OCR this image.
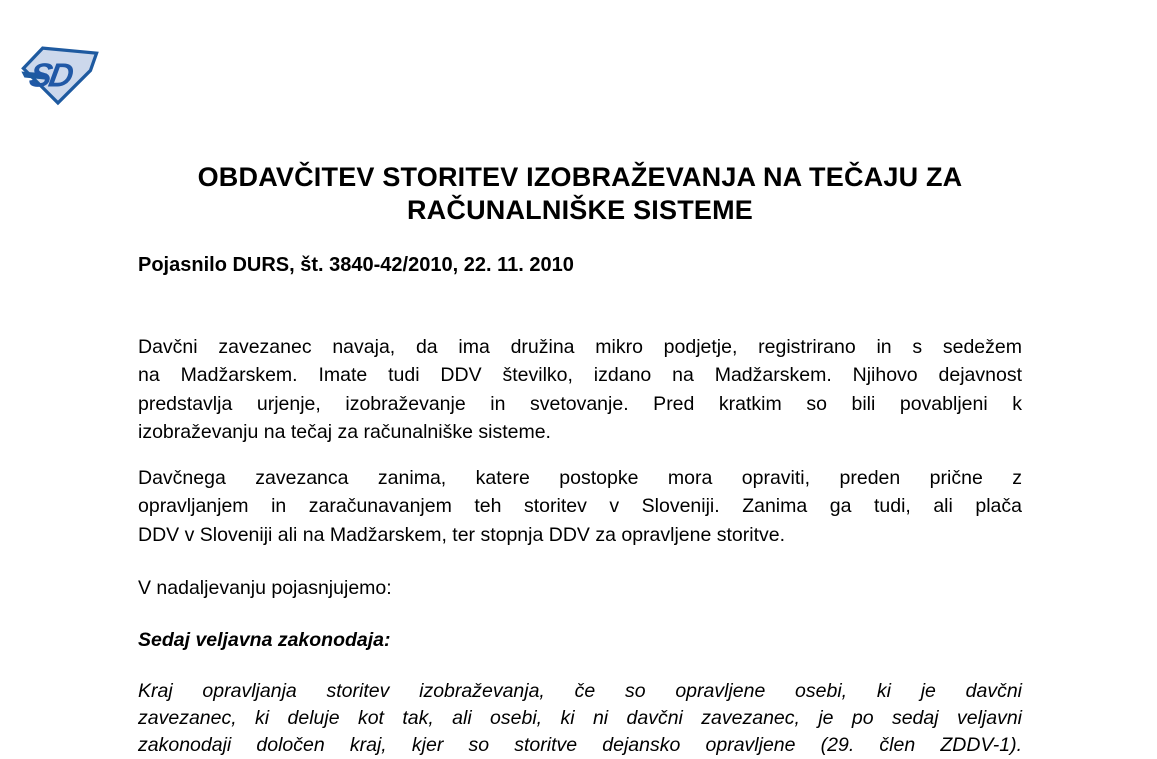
SD
OBDAVČITEV STORITEV IZOBRAŽEVANJA NA TEČAJU ZA
RAČUNALNIŠKE SISTEME
Pojasnilo DURS, št. 3840-42/2010, 22. 11. 2010
Davčni zavezanec navaja, da ima družina mikro podjetje, registrirano in s sedežem
na Madžarskem. Imate tudi DDV številko, izdano na Madžarskem. Njihovo dejavnost
predstavlja urjenje, izobraževanje in svetovanje. Pred kratkim so bili povabljeni k
izobraževanju na tečaj za računalniške sisteme.
Davčnega zavezanca zanima, katere postopke mora opraviti, preden prične z
opravljanjem in zaračunavanjem teh storitev v Sloveniji. Zanima ga tudi, ali plača
DDV v Sloveniji ali na Madžarskem, ter stopnja DDV za opravljene storitve.
V nadaljevanju pojasnjujemo:
Sedaj veljavna zakonodaja:
Kraj opravljanja storitev izobraževanja, če so opravljene osebi, ki je davčni
zavezanec, ki deluje kot tak, ali osebi, ki ni davčni zavezanec, je po sedaj veljavni
zakonodaji določen kraj, kjer so storitve dejansko opravljene (29. člen ZDDV-1).
